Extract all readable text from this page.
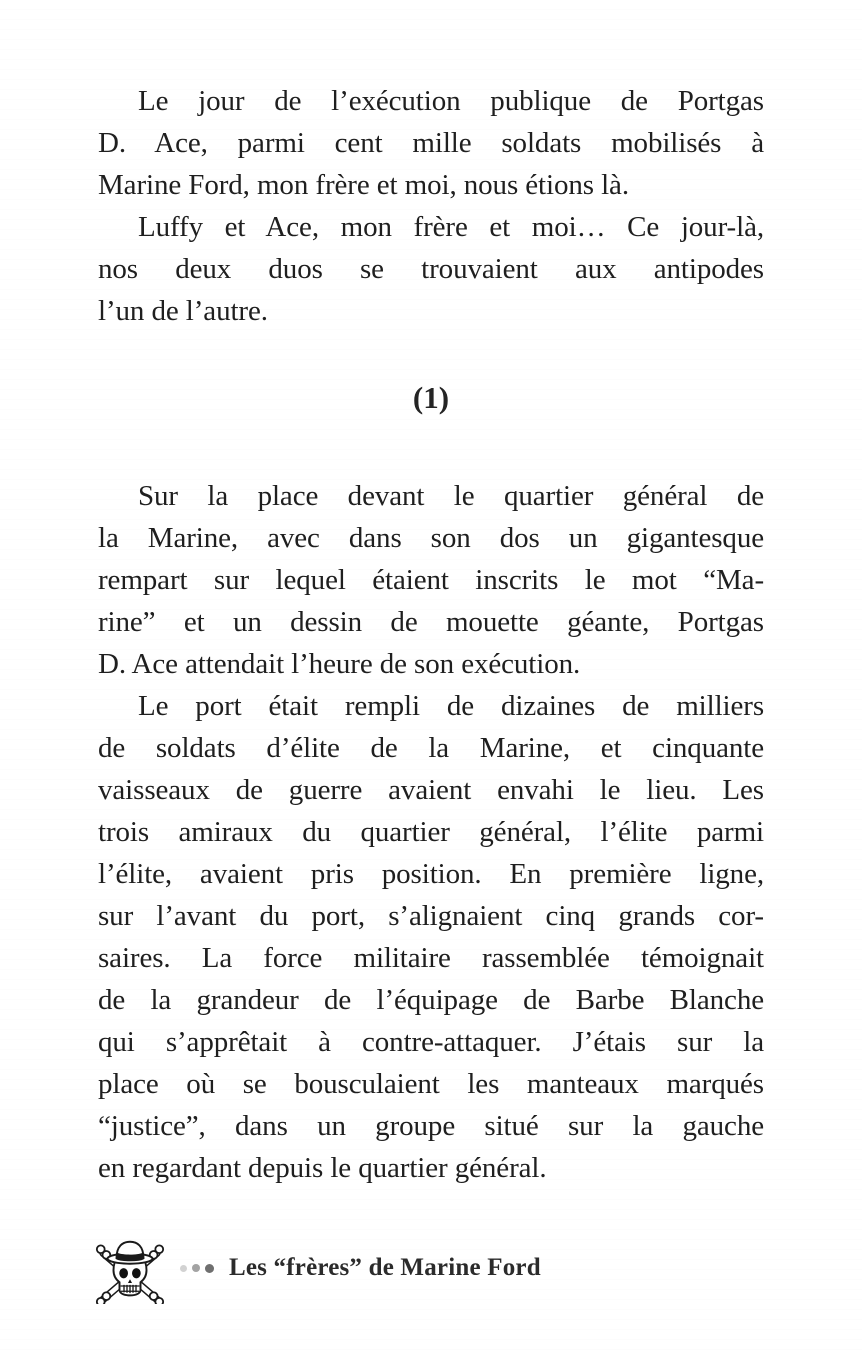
Le jour de l’exécution publique de Portgas
D. Ace, parmi cent mille soldats mobilisés à
Marine Ford, mon frère et moi, nous étions là.
Luffy et Ace, mon frère et moi… Ce jour-là,
nos deux duos se trouvaient aux antipodes
l’un de l’autre.
(1)
Sur la place devant le quartier général de
la Marine, avec dans son dos un gigantesque
rempart sur lequel étaient inscrits le mot “Ma-
rine” et un dessin de mouette géante, Portgas
D. Ace attendait l’heure de son exécution.
Le port était rempli de dizaines de milliers
de soldats d’élite de la Marine, et cinquante
vaisseaux de guerre avaient envahi le lieu. Les
trois amiraux du quartier général, l’élite parmi
l’élite, avaient pris position. En première ligne,
sur l’avant du port, s’alignaient cinq grands cor-
saires. La force militaire rassemblée témoignait
de la grandeur de l’équipage de Barbe Blanche
qui s’apprêtait à contre-attaquer. J’étais sur la
place où se bousculaient les manteaux marqués
“justice”, dans un groupe situé sur la gauche
en regardant depuis le quartier général.
Les “frères” de Marine Ford
